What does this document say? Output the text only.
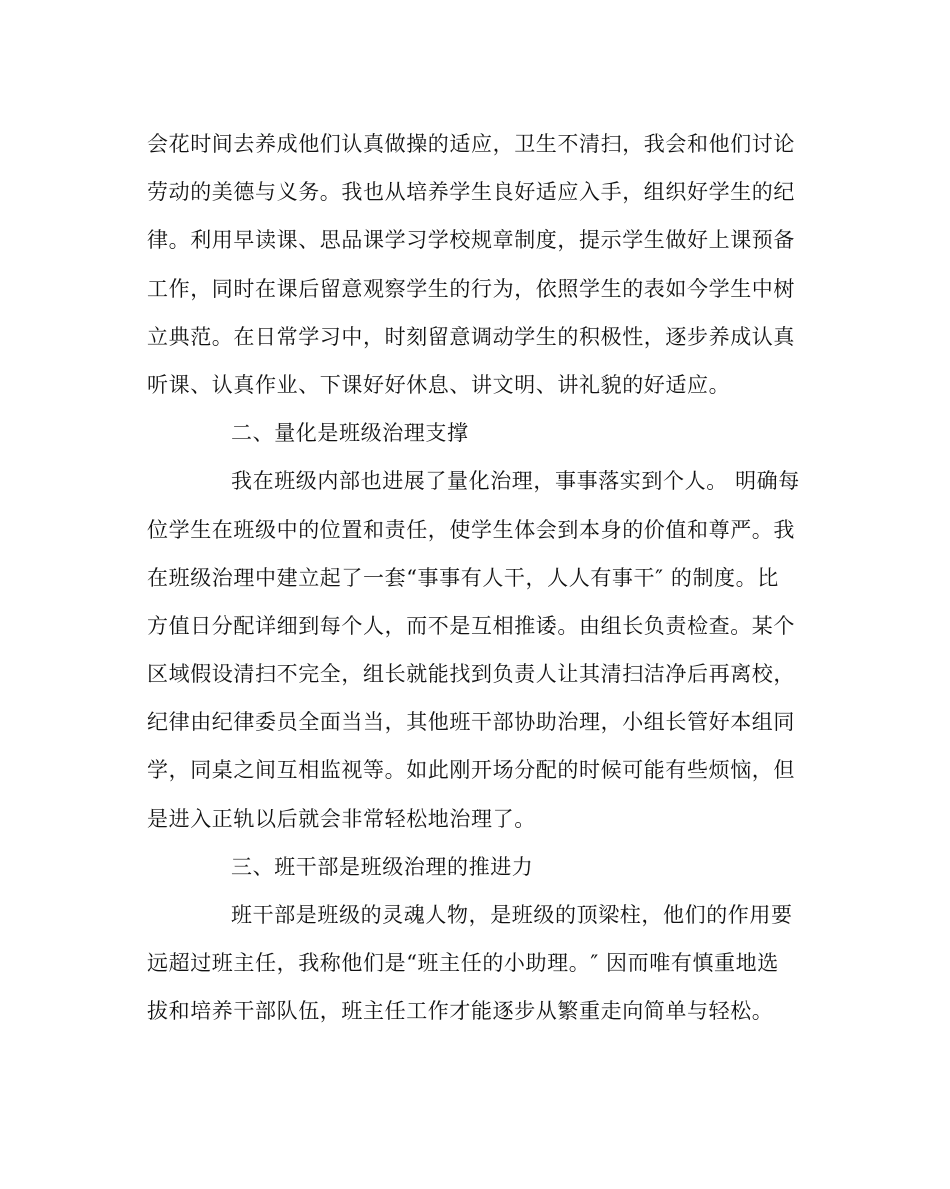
会花时间去养成他们认真做操的适应，卫生不清扫，我会和他们讨论
劳动的美德与义务。我也从培养学生良好适应入手，组织好学生的纪
律。利用早读课、思品课学习学校规章制度，提示学生做好上课预备
工作，同时在课后留意观察学生的行为，依照学生的表如今学生中树
立典范。在日常学习中，时刻留意调动学生的积极性，逐步养成认真
听课、认真作业、下课好好休息、讲文明、讲礼貌的好适应。
二、量化是班级治理支撑
我在班级内部也进展了量化治理，事事落实到个人。 明确每
位学生在班级中的位置和责任，使学生体会到本身的价值和尊严。我
在班级治理中建立起了一套“事事有人干，人人有事干″ 的制度。比
方值日分配详细到每个人，而不是互相推诿。由组长负责检查。某个
区域假设清扫不完全，组长就能找到负责人让其清扫洁净后再离校，
纪律由纪律委员全面当当，其他班干部协助治理，小组长管好本组同
学，同桌之间互相监视等。如此刚开场分配的时候可能有些烦恼，但
是进入正轨以后就会非常轻松地治理了。
三、班干部是班级治理的推进力
班干部是班级的灵魂人物，是班级的顶梁柱，他们的作用要
远超过班主任，我称他们是“班主任的小助理。″ 因而唯有慎重地选
拔和培养干部队伍，班主任工作才能逐步从繁重走向简单与轻松。
